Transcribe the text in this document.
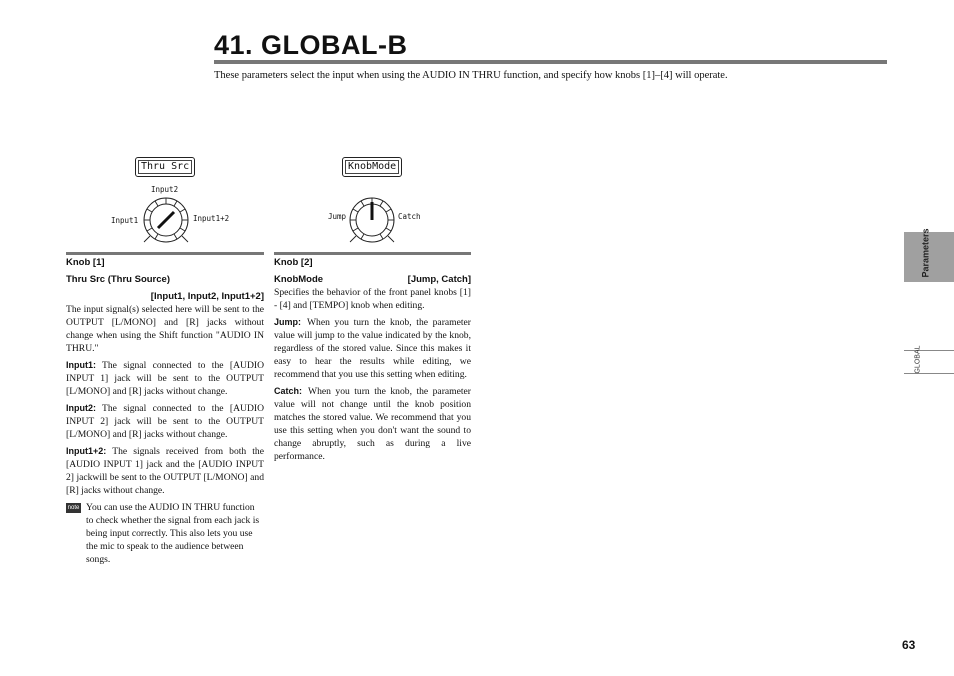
41. GLOBAL-B

These parameters select the input when using the AUDIO IN THRU function, and specify how knobs [1]–[4] will operate.

Thru Src
Input2
Input1	Input1+2
KnobMode
Jump	Catch

Knob [1]

Thru Src (Thru Source)

[Input1, Input2, Input1+2]

The input signal(s) selected here will be sent to the OUTPUT [L/MONO] and [R] jacks without change when using the Shift function "AUDIO IN THRU."

Input1: The signal connected to the [AUDIO INPUT 1] jack will be sent to the OUTPUT [L/MONO] and [R] jacks without change.

Input2: The signal connected to the [AUDIO INPUT 2] jack will be sent to the OUTPUT [L/MONO] and [R] jacks without change.

Input1+2: The signals received from both the [AUDIO INPUT 1] jack and the [AUDIO INPUT 2] jackwill be sent to the OUTPUT [L/MONO] and [R] jacks without change.

note You can use the AUDIO IN THRU function to check whether the signal from each jack is being input correctly. This also lets you use the mic to speak to the audience between songs.

Knob [2]

KnobMode	[Jump, Catch]

Specifies the behavior of the front panel knobs [1] - [4] and [TEMPO] knob when editing.

Jump: When you turn the knob, the parameter value will jump to the value indicated by the knob, regardless of the stored value. Since this makes it easy to hear the results while editing, we recommend that you use this setting when editing.

Catch: When you turn the knob, the parameter value will not change until the knob position matches the stored value. We recommend that you use this setting when you don't want the sound to change abruptly, such as during a live performance.

Parameters
GLOBAL
63
